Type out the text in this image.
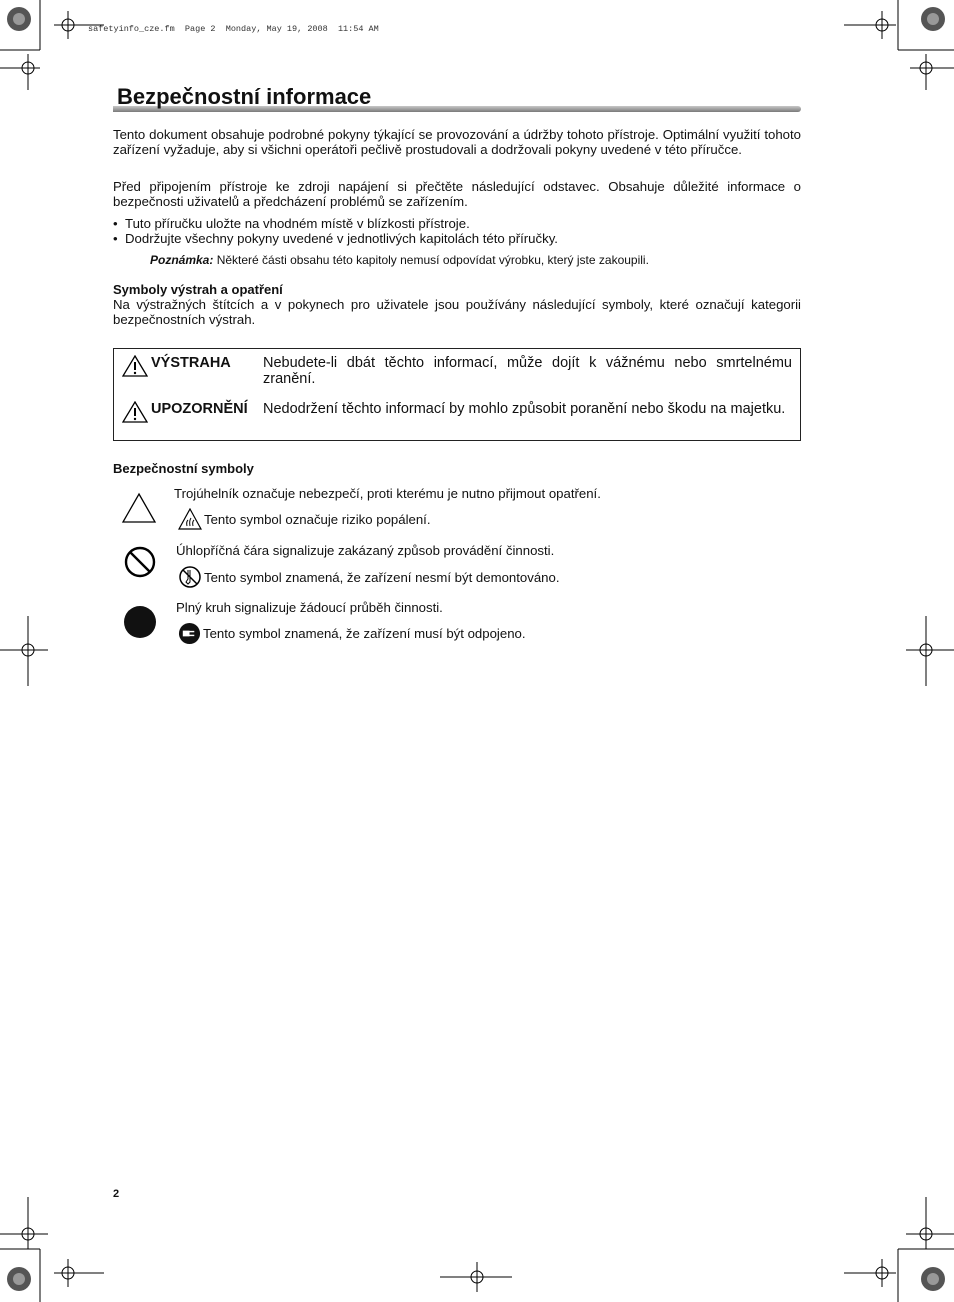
safetyinfo_cze.fm  Page 2  Monday, May 19, 2008  11:54 AM
Bezpečnostní informace

Tento dokument obsahuje podrobné pokyny týkající se provozování a údržby tohoto přístroje. Optimální využití tohoto zařízení vyžaduje, aby si všichni operátoři pečlivě prostudovali a dodržovali pokyny uvedené v této příručce.

Před připojením přístroje ke zdroji napájení si přečtěte následující odstavec. Obsahuje důležité informace o bezpečnosti uživatelů a předcházení problémů se zařízením.

• Tuto příručku uložte na vhodném místě v blízkosti přístroje.
• Dodržujte všechny pokyny uvedené v jednotlivých kapitolách této příručky.
Poznámka: Některé části obsahu této kapitoly nemusí odpovídat výrobku, který jste zakoupili.
Symboly výstrah a opatření

Na výstražných štítcích a v pokynech pro uživatele jsou používány následující symboly, které označují kategorii bezpečnostních výstrah.

VÝSTRAHA Nebudete-li dbát těchto informací, může dojít k vážnému nebo smrtelnému zranění.
UPOZORNĚNÍ Nedodržení těchto informací by mohlo způsobit poranění nebo škodu na majetku.
Bezpečnostní symboly
Trojúhelník označuje nebezpečí, proti kterému je nutno přijmout opatření.
Tento symbol označuje riziko popálení.
Úhlopříčná čára signalizuje zakázaný způsob provádění činnosti.
Tento symbol znamená, že zařízení nesmí být demontováno.
Plný kruh signalizuje žádoucí průběh činnosti.
Tento symbol znamená, že zařízení musí být odpojeno.
2
